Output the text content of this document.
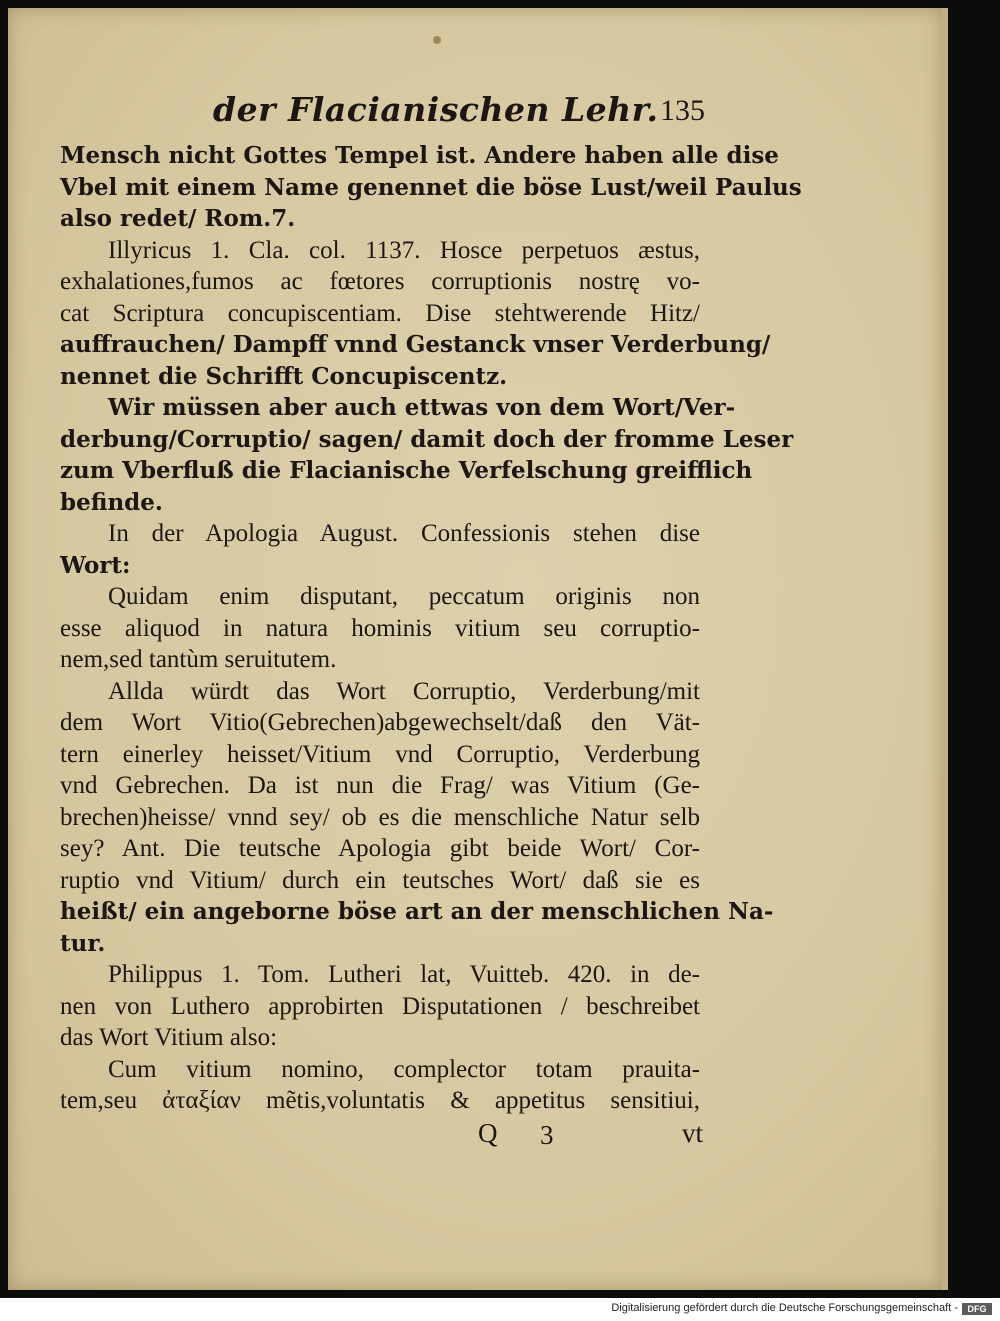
der Flacianischen Lehr. 135
Mensch nicht Gottes Tempel ist. Andere haben alle dise
Vbel mit einem Name genennet die böse Lust/weil Paulus
also redet/ Rom.7.
Illyricus 1. Cla. col. 1137. Hosce perpetuos æstus,
exhalationes,fumos ac fœtores corruptionis nostrę vo-
cat Scriptura concupiscentiam. Dise stehtwerende Hitz/
auffrauchen/ Dampff vnnd Gestanck vnser Verderbung/
nennet die Schrifft Concupiscentz.
Wir müssen aber auch ettwas von dem Wort/Ver-
derbung/Corruptio/ sagen/ damit doch der fromme Leser
zum Vberfluß die Flacianische Verfelschung greifflich
befinde.
In der Apologia August. Confessionis stehen dise
Wort:
Quidam enim disputant, peccatum originis non
esse aliquod in natura hominis vitium seu corruptio-
nem,sed tantùm seruitutem.
Allda würdt das Wort Corruptio, Verderbung/mit
dem Wort Vitio(Gebrechen)abgewechselt/daß den Vät-
tern einerley heisset/Vitium vnd Corruptio, Verderbung
vnd Gebrechen. Da ist nun die Frag/ was Vitium (Ge-
brechen)heisse/ vnnd sey/ ob es die menschliche Natur selb
sey? Ant. Die teutsche Apologia gibt beide Wort/ Cor-
ruptio vnd Vitium/ durch ein teutsches Wort/ daß sie es
heißt/ ein angeborne böse art an der menschlichen Na-
tur.
Philippus 1. Tom. Lutheri lat, Vuitteb. 420. in de-
nen von Luthero approbirten Disputationen / beschreibet
das Wort Vitium also:
Cum vitium nomino, complector totam prauita-
tem,seu ἀταξίαν mẽtis,voluntatis & appetitus sensitiui,
Q 3	vt
Digitalisierung gefördert durch die Deutsche Forschungsgemeinschaft -	DFG
